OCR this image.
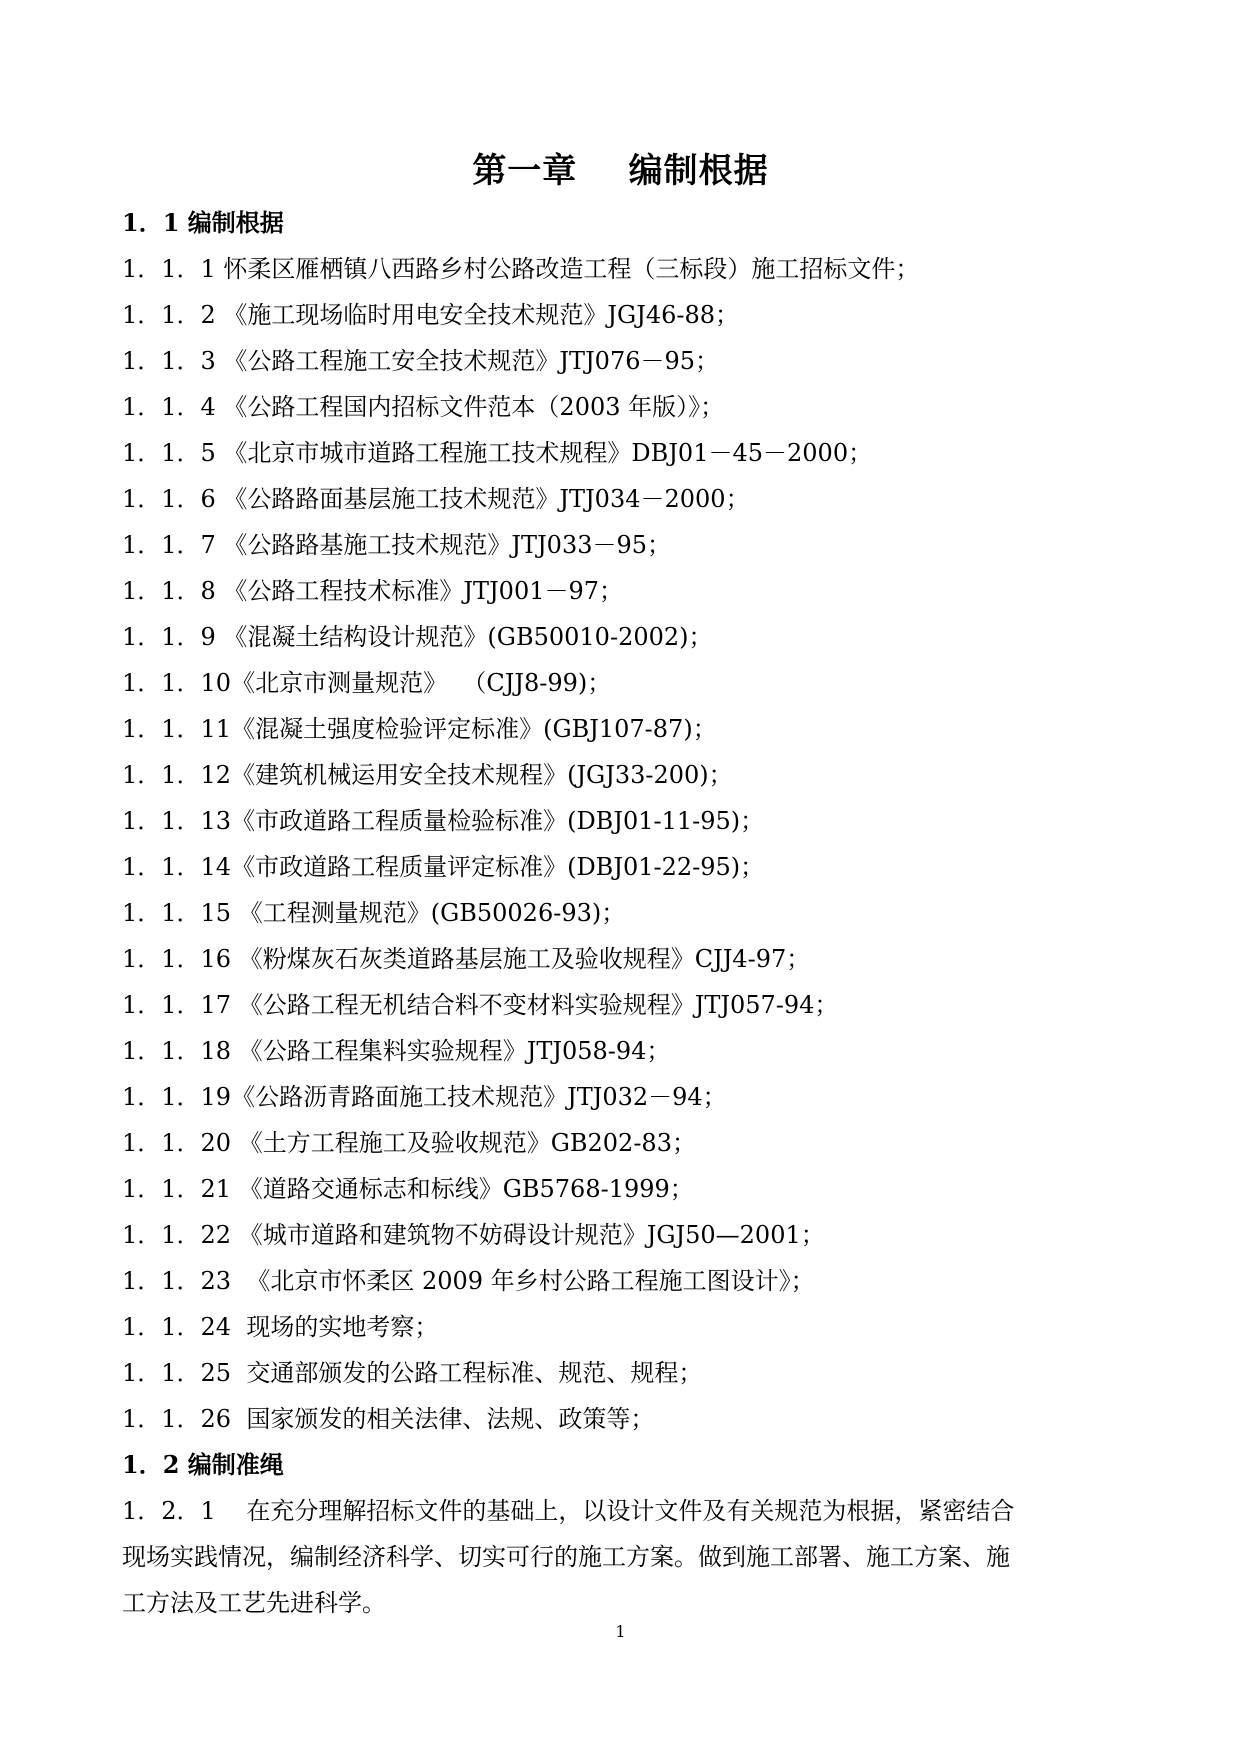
第一章    编制根据
1．1 编制根据
1．1．1 怀柔区雁栖镇八西路乡村公路改造工程（三标段）施工招标文件；
1．1．2 《施工现场临时用电安全技术规范》JGJ46-88；
1．1．3 《公路工程施工安全技术规范》JTJ076－95；
1．1．4 《公路工程国内招标文件范本（2003 年版）》；
1．1．5 《北京市城市道路工程施工技术规程》DBJ01－45－2000；
1．1．6 《公路路面基层施工技术规范》JTJ034－2000；
1．1．7 《公路路基施工技术规范》JTJ033－95；
1．1．8 《公路工程技术标准》JTJ001－97；
1．1．9 《混凝土结构设计规范》(GB50010-2002)；
1．1．10《北京市测量规范》  （CJJ8-99)；
1．1．11《混凝土强度检验评定标准》(GBJ107-87)；
1．1．12《建筑机械运用安全技术规程》(JGJ33-200)；
1．1．13《市政道路工程质量检验标准》(DBJ01-11-95)；
1．1．14《市政道路工程质量评定标准》(DBJ01-22-95)；
1．1．15 《工程测量规范》(GB50026-93)；
1．1．16 《粉煤灰石灰类道路基层施工及验收规程》CJJ4-97；
1．1．17 《公路工程无机结合料不变材料实验规程》JTJ057-94；
1．1．18 《公路工程集料实验规程》JTJ058-94；
1．1．19《公路沥青路面施工技术规范》JTJ032－94；
1．1．20 《土方工程施工及验收规范》GB202-83；
1．1．21 《道路交通标志和标线》GB5768-1999；
1．1．22 《城市道路和建筑物不妨碍设计规范》JGJ50—2001；
1．1．23  《北京市怀柔区 2009 年乡村公路工程施工图设计》；
1．1．24  现场的实地考察；
1．1．25  交通部颁发的公路工程标准、规范、规程；
1．1．26  国家颁发的相关法律、法规、政策等；
1．2 编制准绳
1．2．1    在充分理解招标文件的基础上，以设计文件及有关规范为根据，紧密结合
现场实践情况，编制经济科学、切实可行的施工方案。做到施工部署、施工方案、施
工方法及工艺先进科学。
1
